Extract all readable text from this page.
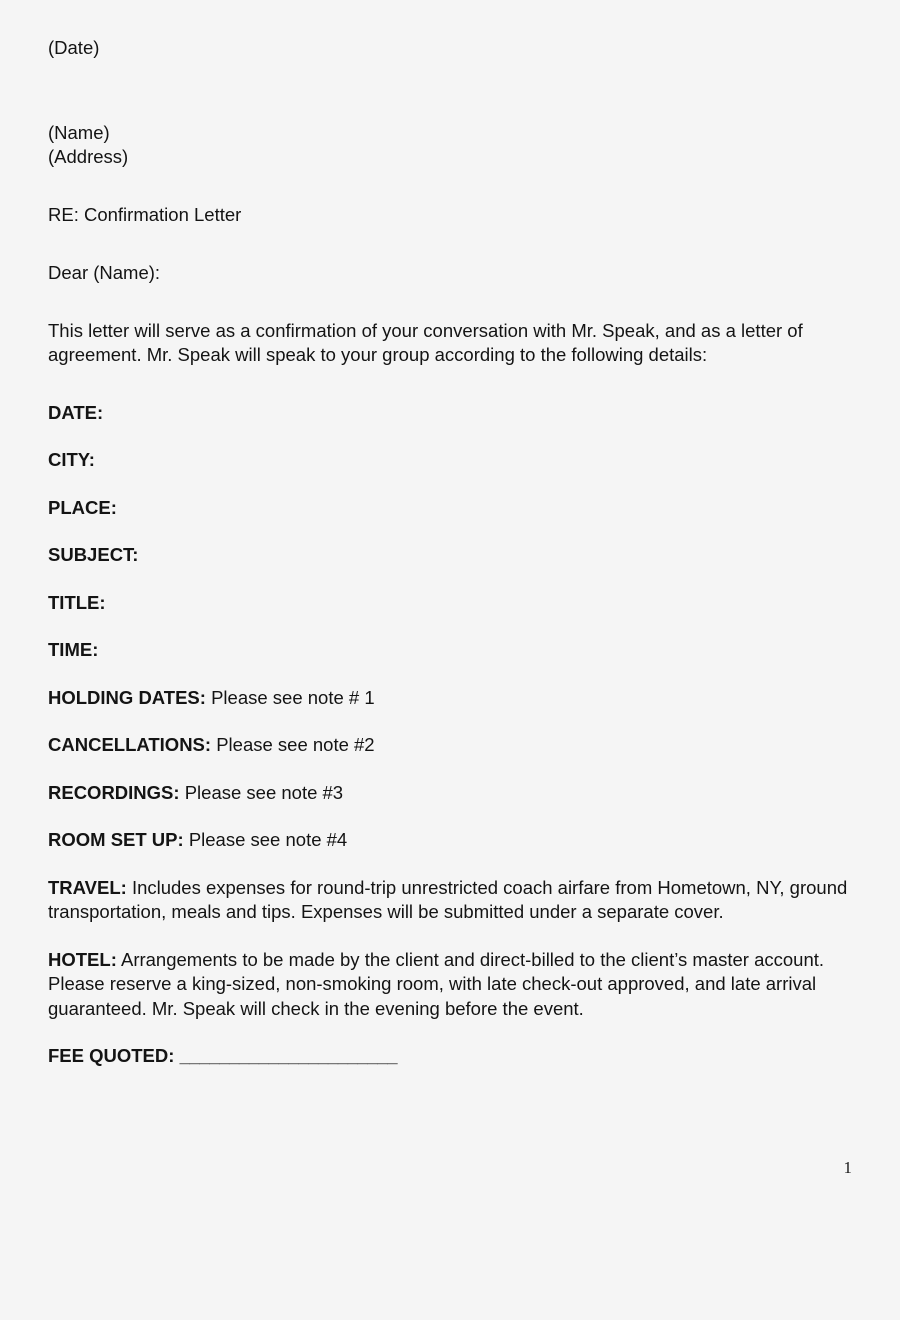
(Date)
(Name)
(Address)
RE: Confirmation Letter
Dear (Name):
This letter will serve as a confirmation of your conversation with Mr. Speak, and as a letter of agreement. Mr. Speak will speak to your group according to the following details:
DATE:
CITY:
PLACE:
SUBJECT:
TITLE:
TIME:
HOLDING DATES: Please see note # 1
CANCELLATIONS: Please see note #2
RECORDINGS: Please see note #3
ROOM SET UP: Please see note #4
TRAVEL: Includes expenses for round-trip unrestricted coach airfare from Hometown, NY, ground transportation, meals and tips. Expenses will be submitted under a separate cover.
HOTEL: Arrangements to be made by the client and direct-billed to the client’s master account. Please reserve a king-sized, non-smoking room, with late check-out approved, and late arrival guaranteed. Mr. Speak will check in the evening before the event.
FEE QUOTED: ______________________
1
